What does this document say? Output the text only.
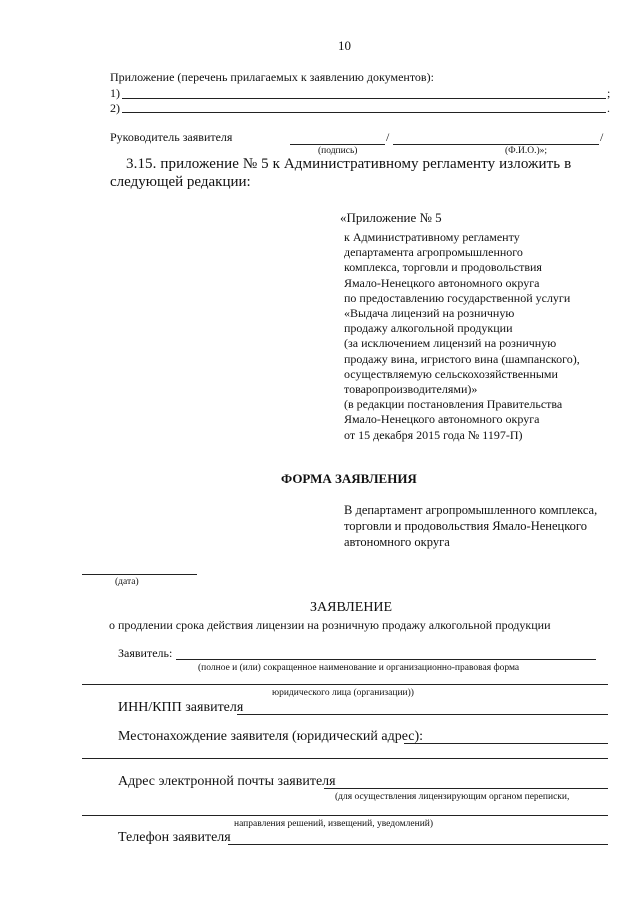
10
Приложение (перечень прилагаемых к заявлению документов):
1)	;
2)	.
Руководитель заявителя	/	/
(подпись)	(Ф.И.О.)»;
3.15. приложение № 5 к Административному регламенту изложить в
следующей редакции:
«Приложение № 5
к Административному регламенту
департамента агропромышленного
комплекса, торговли и продовольствия
Ямало-Ненецкого автономного округа
по предоставлению государственной услуги
«Выдача лицензий на розничную
продажу алкогольной продукции
(за исключением лицензий на розничную
продажу вина, игристого вина (шампанского),
осуществляемую сельскохозяйственными
товаропроизводителями)»
(в редакции постановления Правительства
Ямало-Ненецкого автономного округа
от 15 декабря 2015 года № 1197-П)
ФОРМА ЗАЯВЛЕНИЯ
В департамент агропромышленного комплекса,
торговли и продовольствия Ямало-Ненецкого
автономного округа
(дата)
ЗАЯВЛЕНИЕ
о продлении срока действия лицензии на розничную продажу алкогольной продукции
Заявитель:
(полное и (или) сокращенное наименование и организационно-правовая форма
юридического лица (организации))
ИНН/КПП заявителя
Местонахождение заявителя (юридический адрес):
Адрес электронной почты заявителя
(для осуществления лицензирующим органом переписки,
направления решений, извещений, уведомлений)
Телефон заявителя
